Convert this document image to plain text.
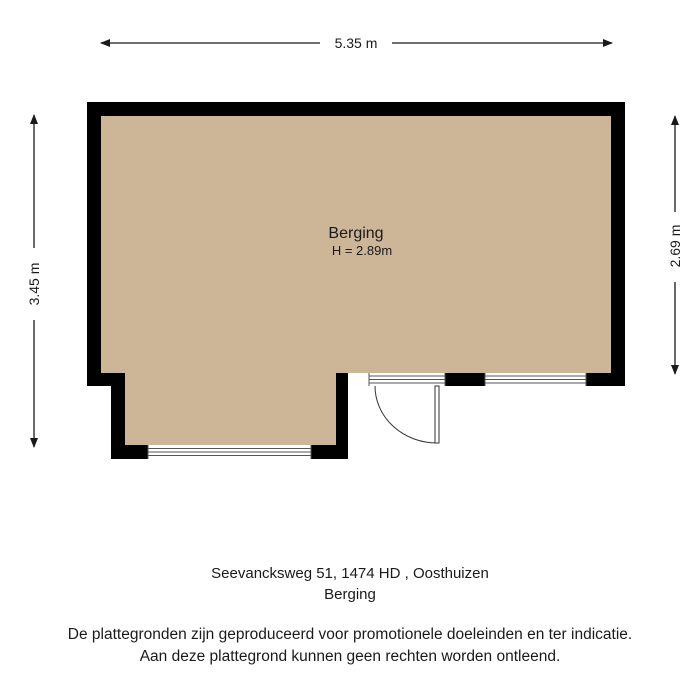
5.35 m
3.45 m
2.69 m
Berging
H = 2.89m

Seevancksweg 51, 1474 HD , Oosthuizen

Berging

De plattegronden zijn geproduceerd voor promotionele doeleinden en ter indicatie.

Aan deze plattegrond kunnen geen rechten worden ontleend.
